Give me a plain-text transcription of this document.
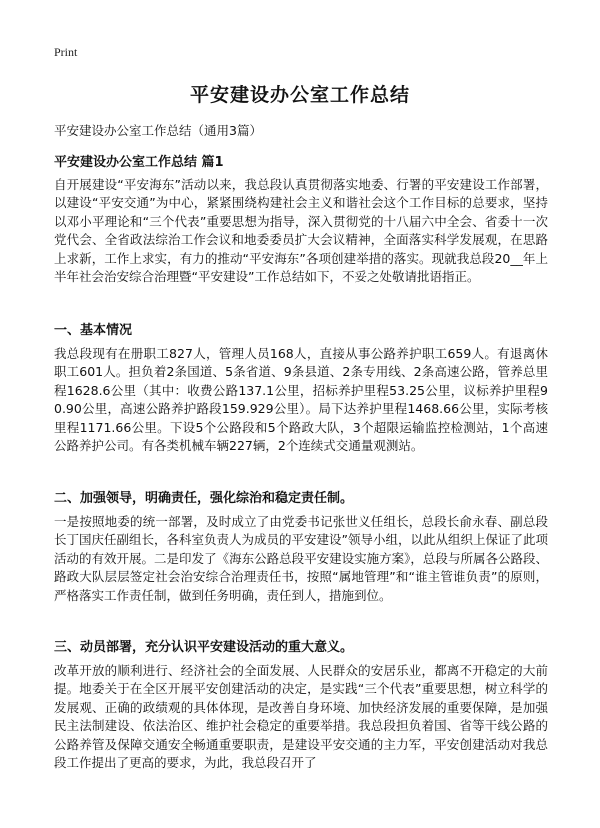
Print
平安建设办公室工作总结

平安建设办公室工作总结（通用3篇）

平安建设办公室工作总结 篇1

自开展建设“平安海东”活动以来，我总段认真贯彻落实地委、行署的平安建设工作部署，以建设“平安交通”为中心，紧紧围绕构建社会主义和谐社会这个工作目标的总要求，坚持以邓小平理论和“三个代表”重要思想为指导，深入贯彻党的十八届六中全会、省委十一次党代会、全省政法综治工作会议和地委委员扩大会议精神，全面落实科学发展观，在思路上求新，工作上求实，有力的推动“平安海东”各项创建举措的落实。现就我总段20__年上半年社会治安综合治理暨“平安建设”工作总结如下，不妥之处敬请批语指正。

一、基本情况

我总段现有在册职工827人，管理人员168人，直接从事公路养护职工659人。有退离休职工601人。担负着2条国道、5条省道、9条县道、2条专用线、2条高速公路，管养总里程1628.6公里（其中：收费公路137.1公里，招标养护里程53.25公里，议标养护里程90.90公里，高速公路养护路段159.929公里）。局下达养护里程1468.66公里，实际考核里程1171.66公里。下设5个公路段和5个路政大队，3个超限运输监控检测站，1个高速公路养护公司。有各类机械车辆227辆，2个连续式交通量观测站。

二、加强领导，明确责任，强化综治和稳定责任制。

一是按照地委的统一部署，及时成立了由党委书记张世义任组长，总段长俞永春、副总段长丁国庆任副组长，各科室负责人为成员的平安建设”领导小组，以此从组织上保证了此项活动的有效开展。二是印发了《海东公路总段平安建设实施方案》，总段与所属各公路段、路政大队层层签定社会治安综合治理责任书，按照“属地管理”和“谁主管谁负责”的原则，严格落实工作责任制，做到任务明确，责任到人，措施到位。

三、动员部署，充分认识平安建设活动的重大意义。

改革开放的顺利进行、经济社会的全面发展、人民群众的安居乐业，都离不开稳定的大前提。地委关于在全区开展平安创建活动的决定，是实践“三个代表”重要思想，树立科学的发展观、正确的政绩观的具体体现，是改善自身环境、加快经济发展的重要保障，是加强民主法制建设、依法治区、维护社会稳定的重要举措。我总段担负着国、省等干线公路的公路养管及保障交通安全畅通重要职责，是建设平安交通的主力军，平安创建活动对我总段工作提出了更高的要求，为此，我总段召开了
